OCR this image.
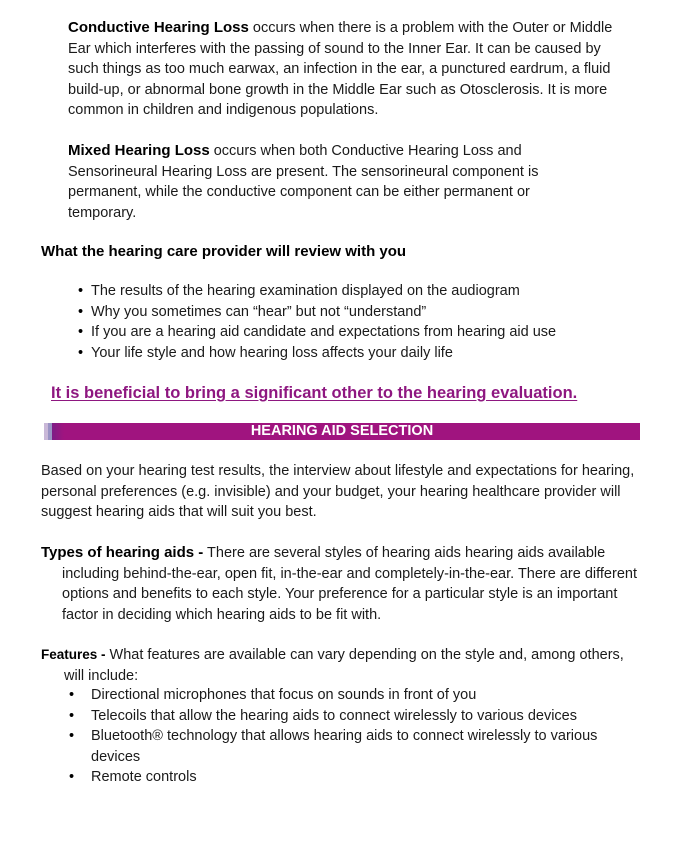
Conductive Hearing Loss occurs when there is a problem with the Outer or Middle Ear which interferes with the passing of sound to the Inner Ear. It can be caused by such things as too much earwax, an infection in the ear, a punctured eardrum, a fluid build-up, or abnormal bone growth in the Middle Ear such as Otosclerosis. It is more common in children and indigenous populations.

Mixed Hearing Loss occurs when both Conductive Hearing Loss and Sensorineural Hearing Loss are present. The sensorineural component is permanent, while the conductive component can be either permanent or temporary.

What the hearing care provider will review with you
• The results of the hearing examination displayed on the audiogram
• Why you sometimes can “hear” but not “understand”
• If you are a hearing aid candidate and expectations from hearing aid use
• Your life style and how hearing loss affects your daily life
It is beneficial to bring a significant other to the hearing evaluation.
HEARING AID SELECTION

Based on your hearing test results, the interview about lifestyle and expectations for hearing, personal preferences (e.g. invisible) and your budget, your hearing healthcare provider will suggest hearing aids that will suit you best.

Types of hearing aids - There are several styles of hearing aids hearing aids available including behind-the-ear, open fit, in-the-ear and completely-in-the-ear. There are different options and benefits to each style. Your preference for a particular style is an important factor in deciding which hearing aids to be fit with.

Features - What features are available can vary depending on the style and, among others, will include:

• Directional microphones that focus on sounds in front of you
• Telecoils that allow the hearing aids to connect wirelessly to various devices
• Bluetooth® technology that allows hearing aids to connect wirelessly to various devices
• Remote controls
